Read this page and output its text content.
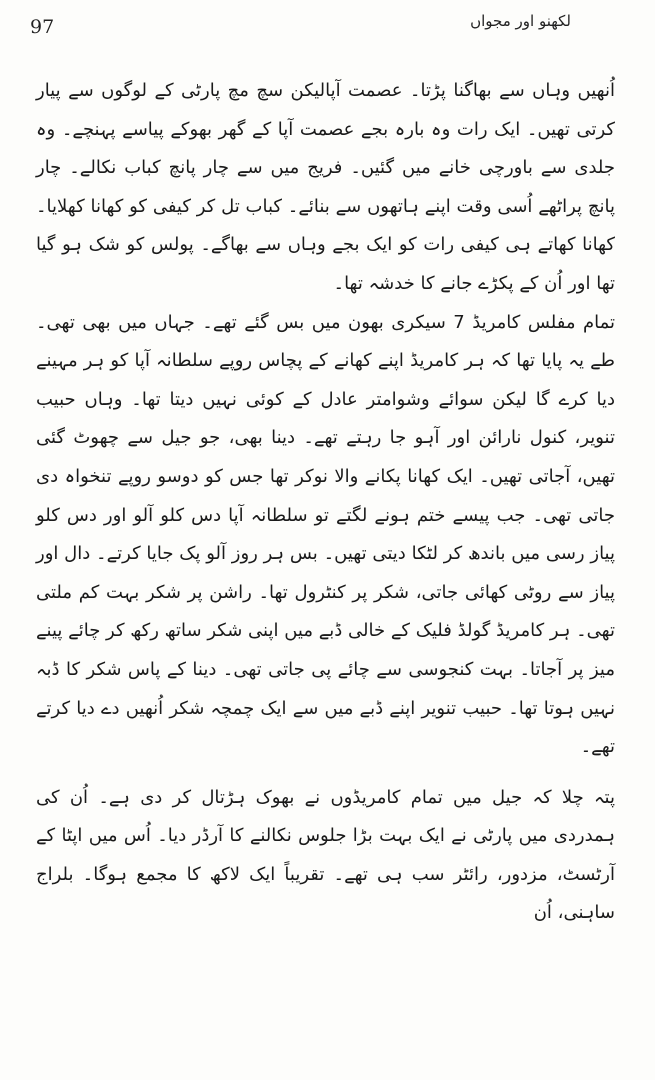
97	لکھنو اور مجواں

اُنھیں وہاں سے بھاگنا پڑتا۔ عصمت آپالیکن سچ مچ پارٹی کے لوگوں سے پیار کرتی تھیں۔ ایک رات وہ بارہ بجے عصمت آپا کے گھر بھوکے پیاسے پہنچے۔ وہ جلدی سے باورچی خانے میں گئیں۔ فریج میں سے چار پانچ کباب نکالے۔ چار پانچ پراٹھے اُسی وقت اپنے ہاتھوں سے بنائے۔ کباب تل کر کیفی کو کھانا کھلایا۔ کھانا کھاتے ہی کیفی رات کو ایک بجے وہاں سے بھاگے۔ پولس کو شک ہو گیا تھا اور اُن کے پکڑے جانے کا خدشہ تھا۔

تمام مفلس کامریڈ 7 سیکری بھون میں بس گئے تھے۔ جہاں میں بھی تھی۔ طے یہ پایا تھا کہ ہر کامریڈ اپنے کھانے کے پچاس روپے سلطانہ آپا کو ہر مہینے دیا کرے گا لیکن سوائے وشوامتر عادل کے کوئی نہیں دیتا تھا۔ وہاں حبیب تنویر، کنول نارائن اور آہو جا رہتے تھے۔ دینا بھی، جو جیل سے چھوٹ گئی تھیں، آجاتی تھیں۔ ایک کھانا پکانے والا نوکر تھا جس کو دوسو روپے تنخواہ دی جاتی تھی۔ جب پیسے ختم ہونے لگتے تو سلطانہ آپا دس کلو آلو اور دس کلو پیاز رسی میں باندھ کر لٹکا دیتی تھیں۔ بس ہر روز آلو پک جایا کرتے۔ دال اور پیاز سے روٹی کھائی جاتی، شکر پر کنٹرول تھا۔ راشن پر شکر بہت کم ملتی تھی۔ ہر کامریڈ گولڈ فلیک کے خالی ڈبے میں اپنی شکر ساتھ رکھ کر چائے پینے میز پر آجاتا۔ بہت کنجوسی سے چائے پی جاتی تھی۔ دینا کے پاس شکر کا ڈبہ نہیں ہوتا تھا۔ حبیب تنویر اپنے ڈبے میں سے ایک چمچہ شکر اُنھیں دے دیا کرتے تھے۔

پتہ چلا کہ جیل میں تمام کامریڈوں نے بھوک ہڑتال کر دی ہے۔ اُن کی ہمدردی میں پارٹی نے ایک بہت بڑا جلوس نکالنے کا آرڈر دیا۔ اُس میں اپٹا کے آرٹسٹ، مزدور، رائٹر سب ہی تھے۔ تقریباً ایک لاکھ کا مجمع ہوگا۔ بلراج ساہنی، اُن
